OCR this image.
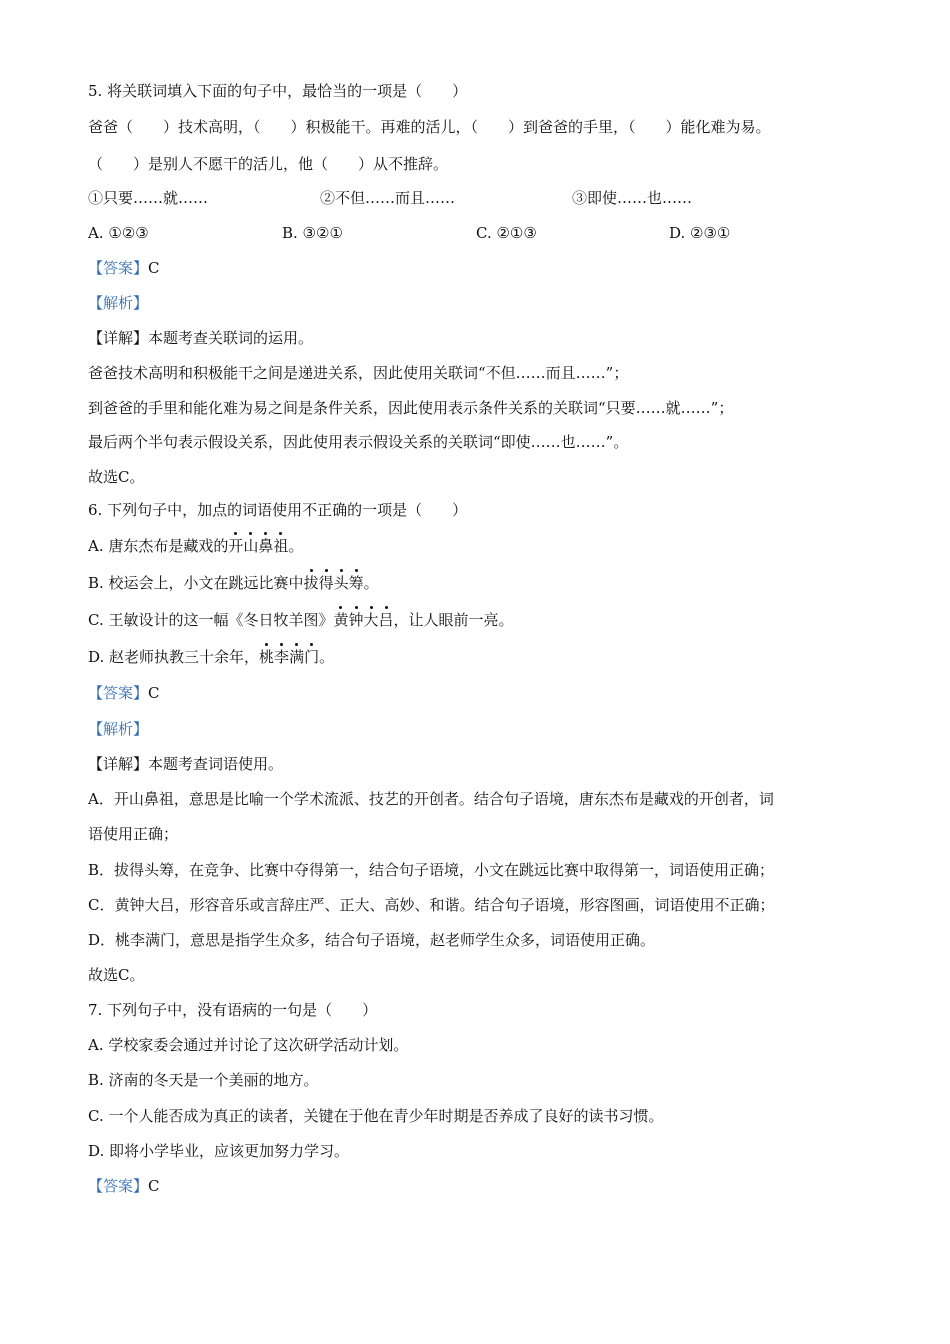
5. 将关联词填入下面的句子中，最恰当的一项是（　　）
爸爸（　　）技术高明，（　　）积极能干。再难的活儿，（　　）到爸爸的手里，（　　）能化难为易。
（　　）是别人不愿干的活儿，他（　　）从不推辞。
①只要……就……	②不但……而且……	③即使……也……
A. ①②③	B. ③②①	C. ②①③	D. ②③①
【答案】C
【解析】
【详解】本题考查关联词的运用。
爸爸技术高明和积极能干之间是递进关系，因此使用关联词“不但……而且……”；
到爸爸的手里和能化难为易之间是条件关系，因此使用表示条件关系的关联词“只要……就……”；
最后两个半句表示假设关系，因此使用表示假设关系的关联词“即使……也……”。
故选C。
6. 下列句子中，加点的词语使用不正确的一项是（　　）
A. 唐东杰布是藏戏的开山鼻祖。
B. 校运会上，小文在跳远比赛中拔得头筹。
C. 王敏设计的这一幅《冬日牧羊图》黄钟大吕，让人眼前一亮。
D. 赵老师执教三十余年，桃李满门。
【答案】C
【解析】
【详解】本题考查词语使用。
A．开山鼻祖，意思是比喻一个学术流派、技艺的开创者。结合句子语境，唐东杰布是藏戏的开创者，词
语使用正确；
B．拔得头筹，在竞争、比赛中夺得第一，结合句子语境，小文在跳远比赛中取得第一，词语使用正确；
C．黄钟大吕，形容音乐或言辞庄严、正大、高妙、和谐。结合句子语境，形容图画，词语使用不正确；
D．桃李满门，意思是指学生众多，结合句子语境，赵老师学生众多，词语使用正确。
故选C。
7. 下列句子中，没有语病的一句是（　　）
A. 学校家委会通过并讨论了这次研学活动计划。
B. 济南的冬天是一个美丽的地方。
C. 一个人能否成为真正的读者，关键在于他在青少年时期是否养成了良好的读书习惯。
D. 即将小学毕业，应该更加努力学习。
【答案】C
